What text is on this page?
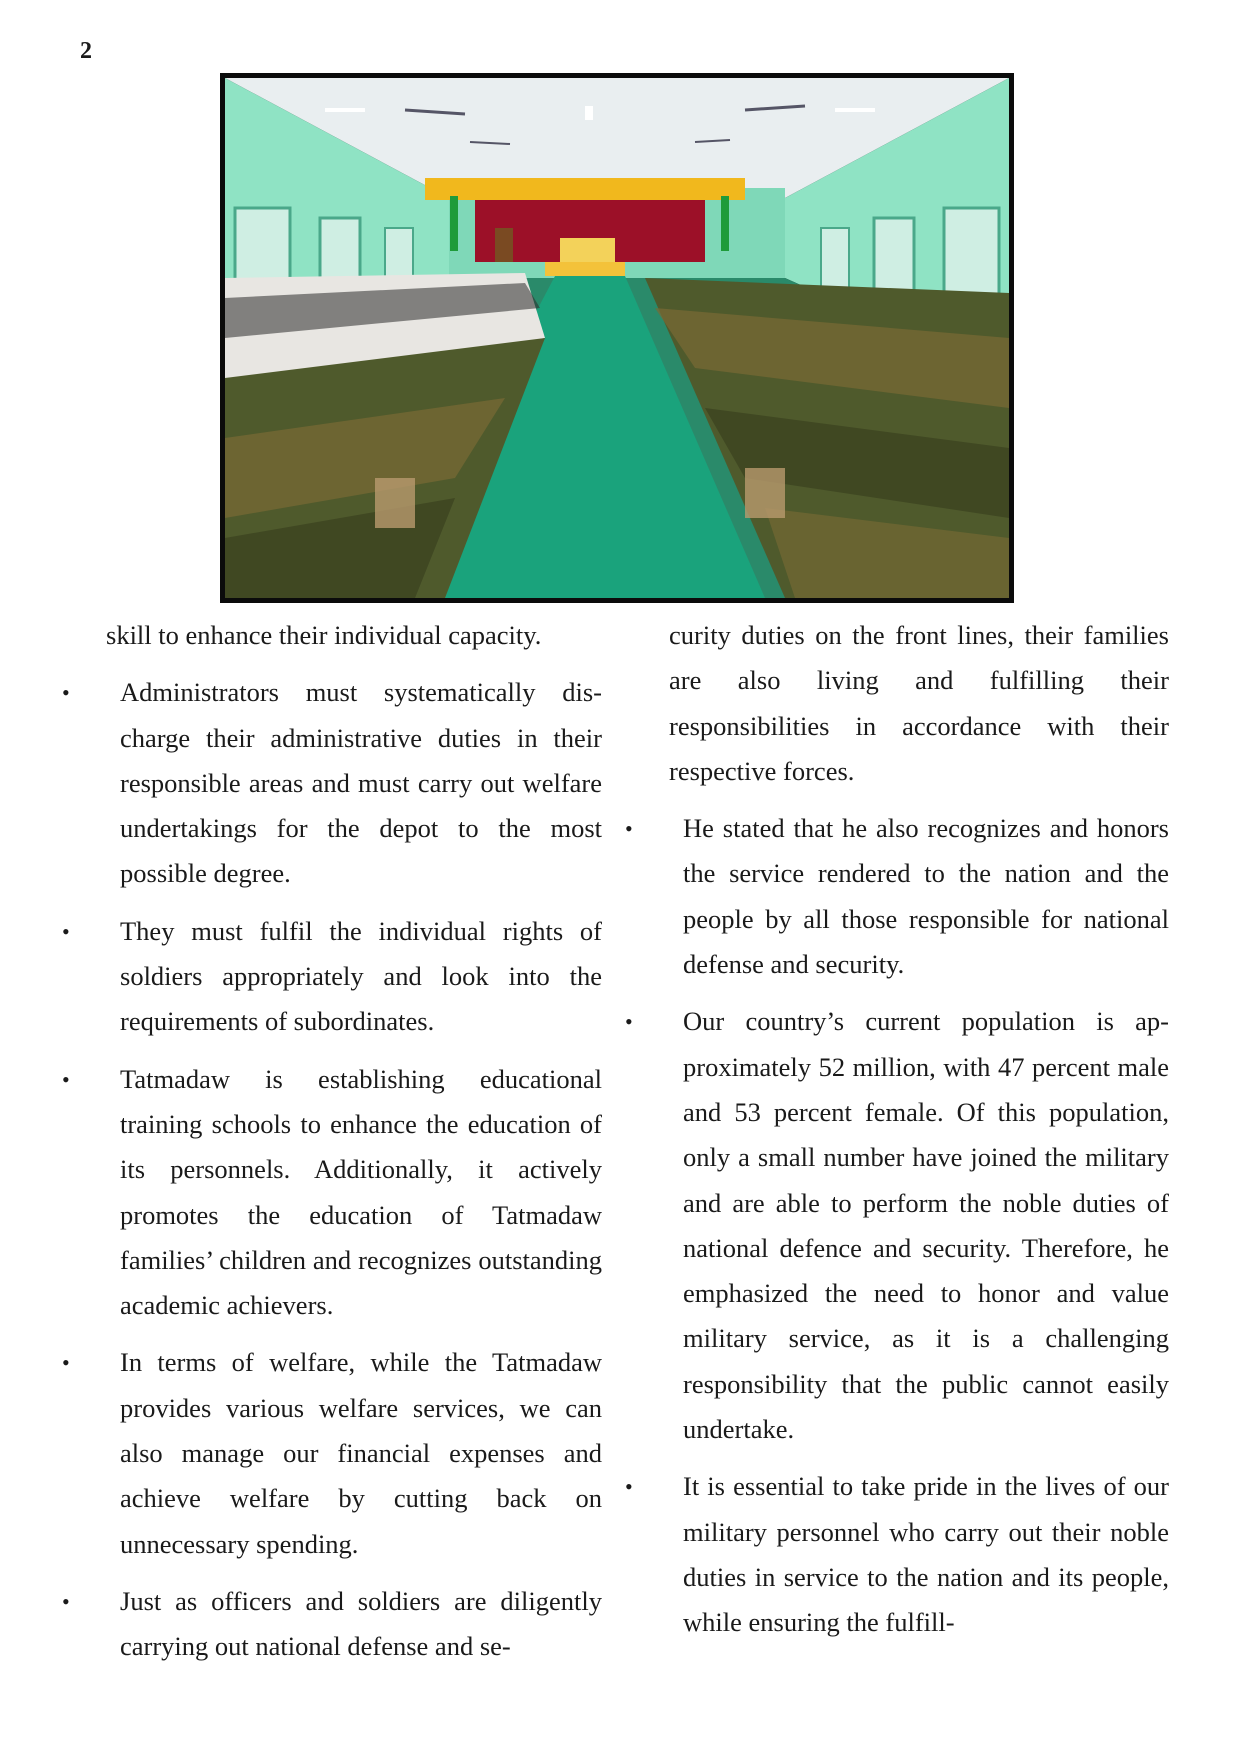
2

skill to enhance their individual capacity.

• Administrators must systematically discharge their administrative duties in their responsible areas and must carry out welfare undertakings for the depot to the most possible degree.

• They must fulfil the individual rights of soldiers appropriately and look into the requirements of subordinates.

• Tatmadaw is establishing educational training schools to enhance the education of its personnels. Additionally, it actively promotes the education of Tatmadaw families’ children and recognizes outstanding academic achievers.

• In terms of welfare, while the Tatmadaw provides various welfare services, we can also manage our financial expenses and achieve welfare by cutting back on unnecessary spending.

• Just as officers and soldiers are diligently carrying out national defense and se-

curity duties on the front lines, their families are also living and fulfilling their responsibilities in accordance with their respective forces.

• He stated that he also recognizes and honors the service rendered to the nation and the people by all those responsible for national defense and security.

• Our country’s current population is approximately 52 million, with 47 percent male and 53 percent female. Of this population, only a small number have joined the military and are able to perform the noble duties of national defence and security. Therefore, he emphasized the need to honor and value military service, as it is a challenging responsibility that the public cannot easily undertake.

• It is essential to take pride in the lives of our military personnel who carry out their noble duties in service to the nation and its people, while ensuring the fulfill-
